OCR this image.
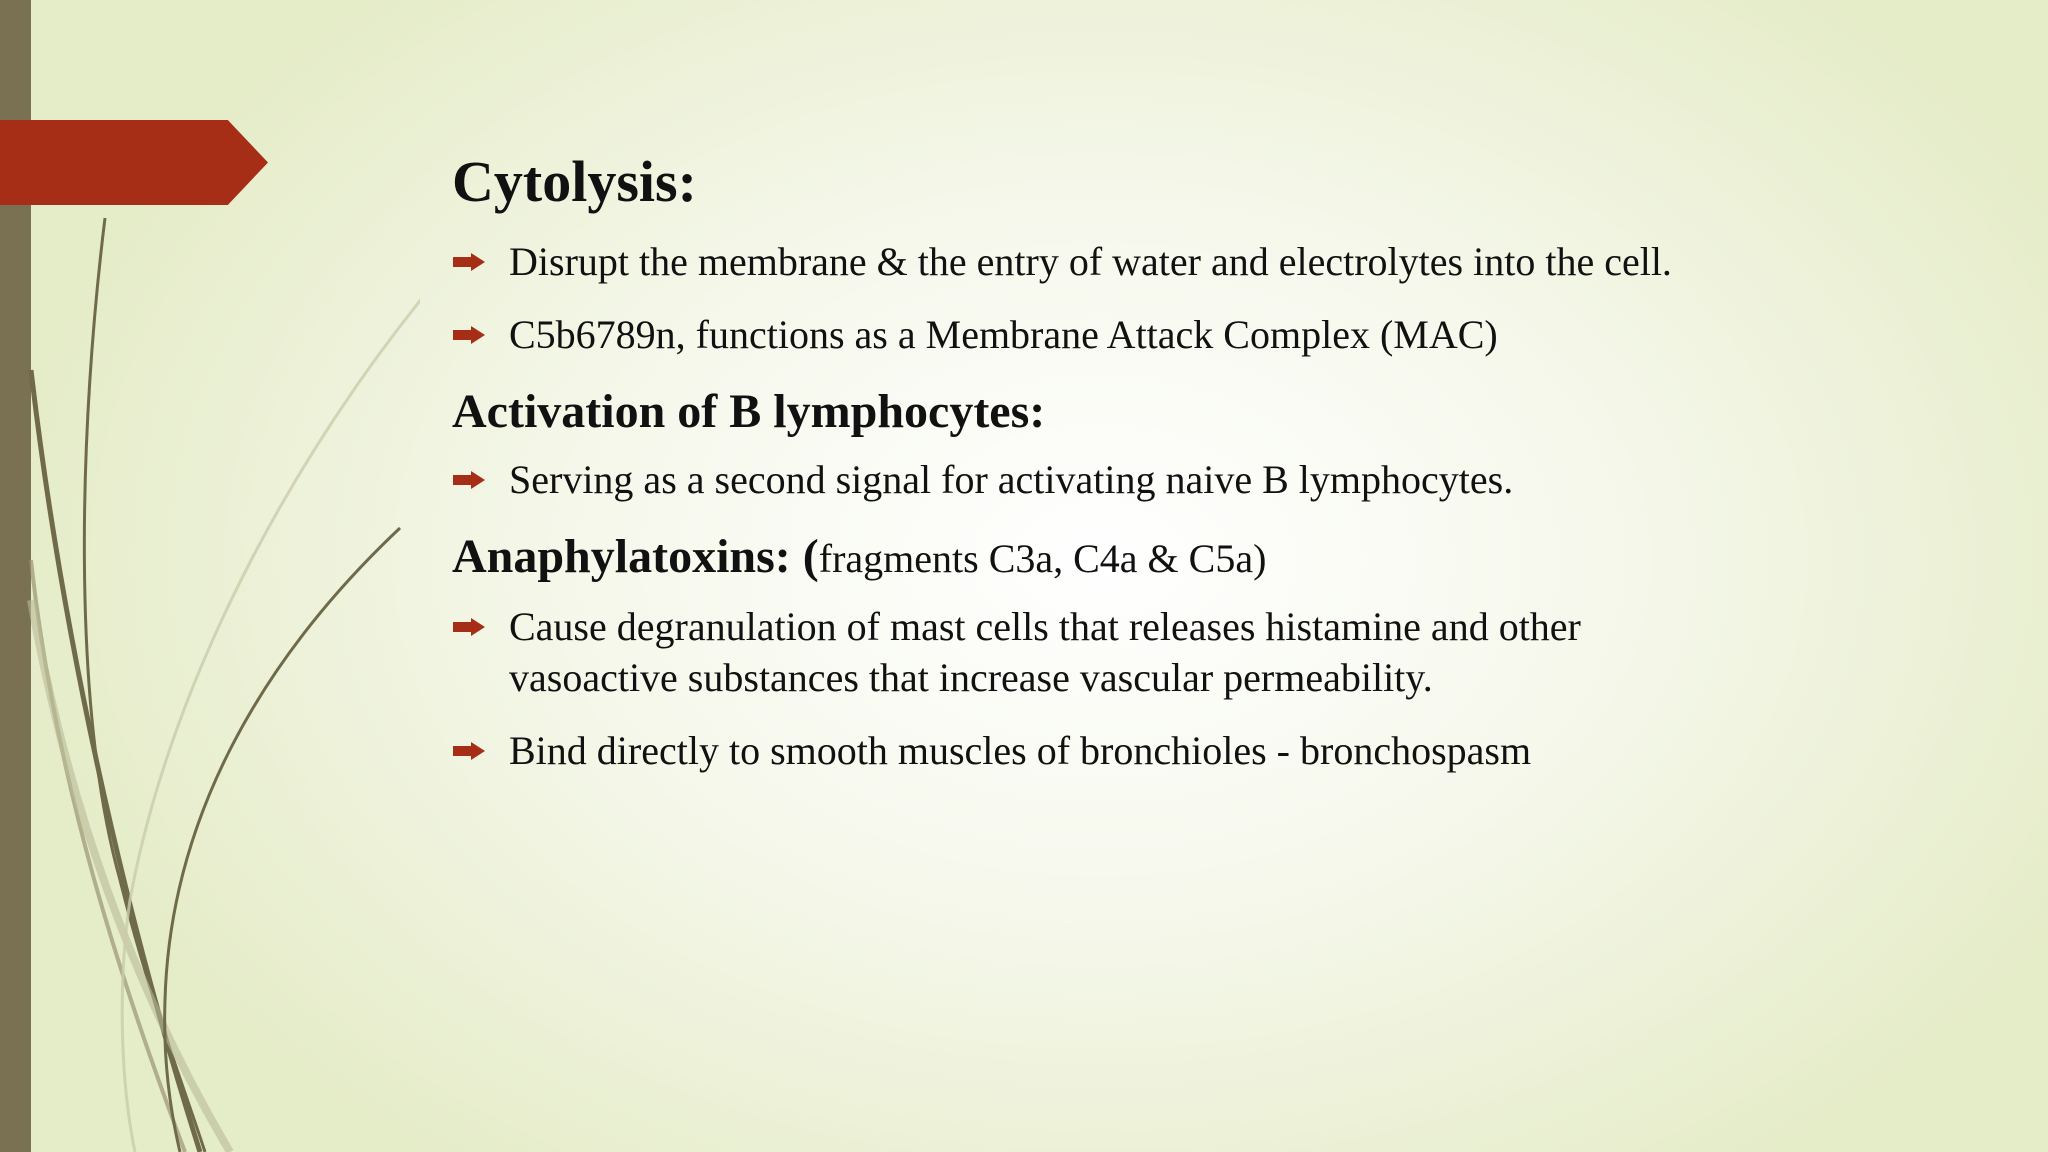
Cytolysis:
Disrupt the membrane & the entry of water and electrolytes into the cell.
C5b6789n, functions as a Membrane Attack Complex (MAC)
Activation of B lymphocytes:
Serving as a second signal for activating naive B lymphocytes.
Anaphylatoxins: (fragments C3a, C4a & C5a)
Cause degranulation of mast cells that releases histamine and other vasoactive substances that increase vascular permeability.
Bind directly to smooth muscles of bronchioles - bronchospasm
